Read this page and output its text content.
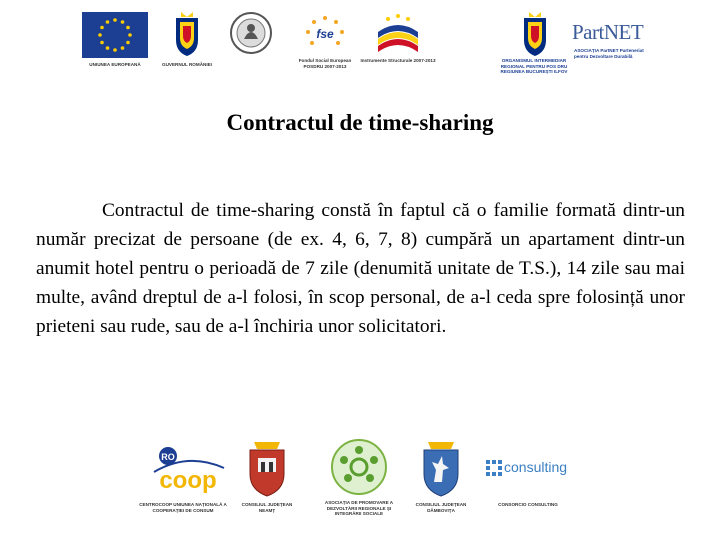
UNIUNEA EUROPEANĂ	GUVERNUL ROMÂNIEI
fse
Fondul Social European POSDRU 2007-2013
Instrumente Structurale 2007-2013	ORGANISMUL INTERMEDIAR REGIONAL PENTRU POS DRU REGIUNEA BUCUREȘTI ILFOV
PartNET
ASOCIAȚIA PartNET Parteneriat pentru Dezvoltare Durabilă
Contractul de time-sharing

Contractul de time-sharing constă în faptul că o familie formată dintr-un număr precizat de persoane (de ex. 4, 6, 7, 8) cumpără un apartament dintr-un anumit hotel pentru o perioadă de 7 zile (denumită unitate de T.S.), 14 zile sau mai multe, având dreptul de a-l folosi, în scop personal, de a-l ceda spre folosință unor prieteni sau rude, sau de a-l închiria unor solicitatori.

RO
coop
CENTROCOOP UNIUNEA NAȚIONALĂ A COOPERAȚIEI DE CONSUM
CONSILIUL JUDEȚEAN NEAMȚ
ASOCIAȚIA DE PROMOVARE A DEZVOLTĂRII REGIONALE ȘI INTEGRĂRII SOCIALE
CONSILIUL JUDEȚEAN DÂMBOVIȚA
consulting
CONSORCIO CONSULTING
